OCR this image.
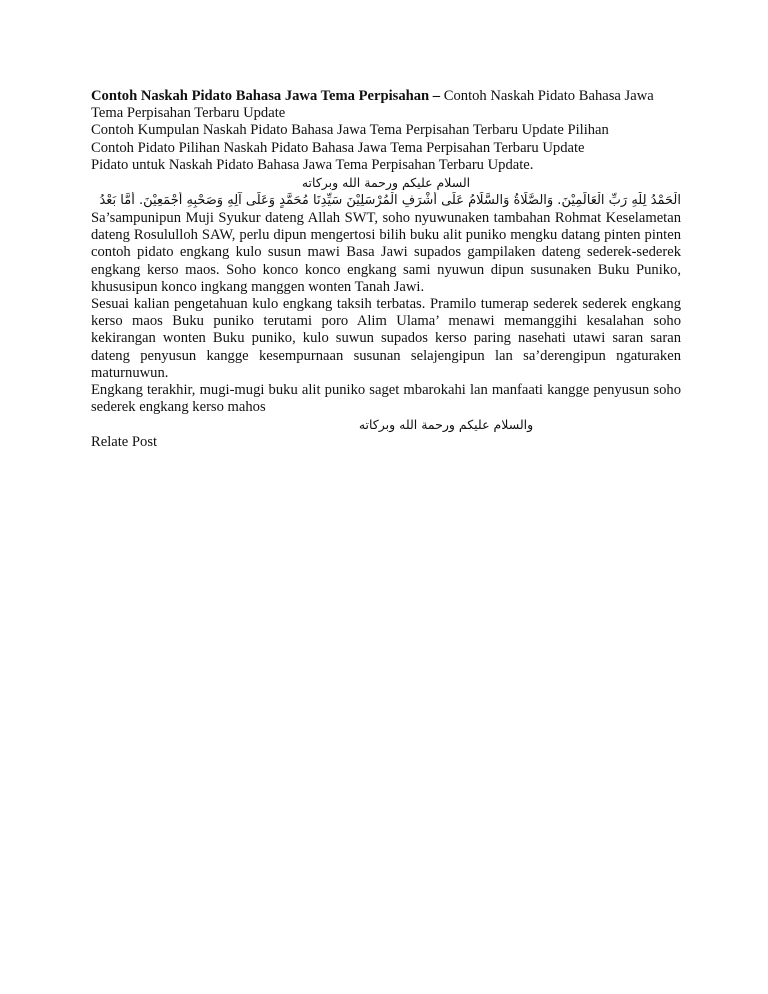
Contoh Naskah Pidato Bahasa Jawa Tema Perpisahan – Contoh Naskah Pidato Bahasa Jawa Tema Perpisahan Terbaru Update

Contoh Kumpulan Naskah Pidato Bahasa Jawa Tema Perpisahan Terbaru Update Pilihan

Contoh Pidato Pilihan Naskah Pidato Bahasa Jawa Tema Perpisahan Terbaru Update

Pidato untuk Naskah Pidato Bahasa Jawa Tema Perpisahan Terbaru Update.

السلام عليكم ورحمة الله وبركاته

الْحَمْدُ لِلّٰهِ رَبِّ الْعَالَمِيْنَ. وَالصَّلَاةُ وَالسَّلَامُ عَلَى أَشْرَفِ الْمُرْسَلِيْنَ سَيِّدِنَا مُحَمَّدٍ وَعَلَى آلِهِ وَصَحْبِهِ أَجْمَعِيْنَ. أَمَّا بَعْدُ

Sa’sampunipun Muji Syukur dateng Allah SWT, soho nyuwunaken tambahan Rohmat Keselametan dateng Rosululloh SAW, perlu dipun mengertosi bilih buku alit puniko mengku datang pinten pinten contoh pidato engkang kulo susun mawi Basa Jawi supados gampilaken dateng sederek-sederek engkang kerso maos. Soho konco konco engkang sami nyuwun dipun susunaken Buku Puniko, khususipun konco ingkang manggen wonten Tanah Jawi.

Sesuai kalian pengetahuan kulo engkang taksih terbatas. Pramilo tumerap sederek sederek engkang kerso maos Buku puniko terutami poro Alim Ulama’ menawi memanggihi kesalahan soho kekirangan wonten Buku puniko, kulo suwun supados kerso paring nasehati utawi saran saran dateng penyusun kangge kesempurnaan susunan selajengipun lan sa’derengipun ngaturaken maturnuwun.

Engkang terakhir, mugi-mugi buku alit puniko saget mbarokahi lan manfaati kangge penyusun soho sederek engkang kerso mahos

والسلام عليكم ورحمة الله وبركاته

Relate Post
